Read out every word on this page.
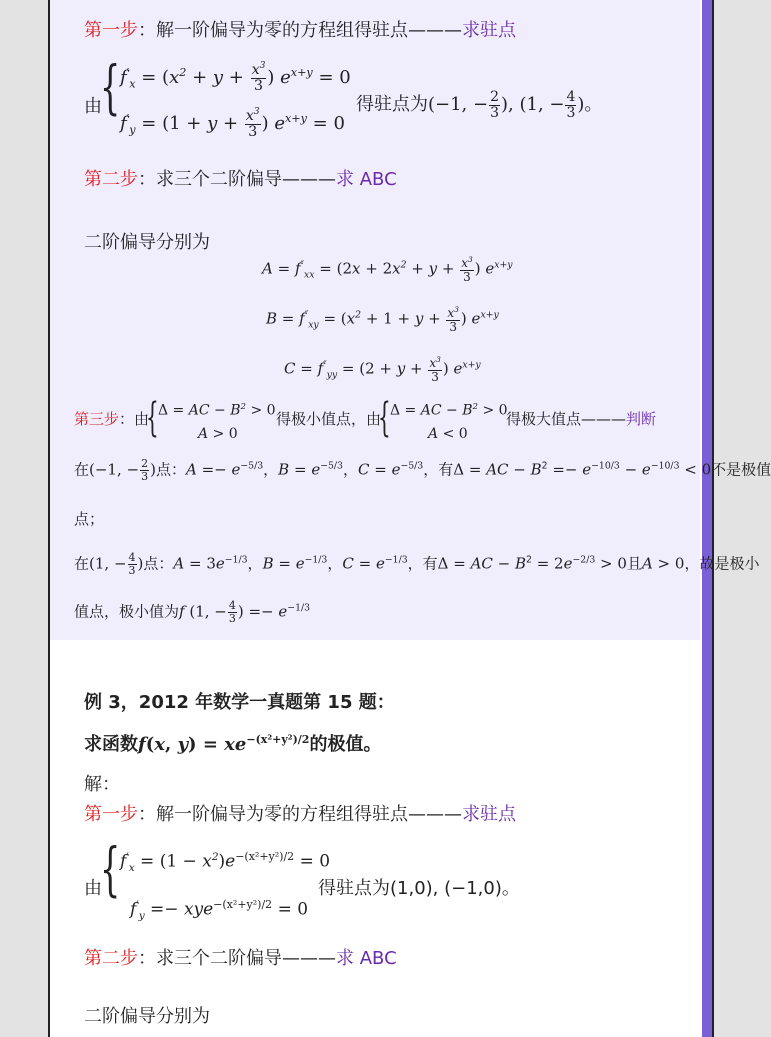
第一步：解一阶偏导为零的方程组得驻点———求驻点
由
{ $f'_x = (x^2 + y + \frac{x^3}{3}$ ) $e^{x+y} = 0$
$f'_y = (1 + y + \frac{x^3}{3}$ ) $e^{x+y} = 0$
得驻点为(−1, − $\frac{2}{3}$ ), (1, − $\frac{4}{3}$ )。
第二步：求三个二阶偏导———求 ABC
二阶偏导分别为
$A = f''_{xx} = (2x + 2x^2 + y + \frac{x^3}{3}$ ) $e^{x+y}$
$B = f''_{xy} = (x^2 + 1 + y + \frac{x^3}{3}$ ) $e^{x+y}$
$C = f''_{yy} = (2 + y + \frac{x^3}{3}$ ) $e^{x+y}$
第三步：由
{ Δ = AC − $B^2 > 0$
A > 0
得极小值点，由
{ Δ = AC − $B^2 > 0$
A < 0
得极大值点———判断
在(−1, − $\frac{2}{3}$ )点：$A =- e^{-5/3}$，$B = e^{-5/3}$，$C = e^{-5/3}$，有Δ = AC − $B^2 =- e^{-10/3} - e^{-10/3} < 0$不是极值
点；
在(1, − $\frac{4}{3}$ )点：$A = 3e^{-1/3}$，$B = e^{-1/3}$，$C = e^{-1/3}$，有Δ = AC − $B^2 = 2e^{-2/3} > 0$且A > 0，故是极小
值点，极小值为f (1, − $\frac{4}{3}$ ) =− $e^{-1/3}$
例 3，2012 年数学一真题第 15 题：
求函数f(x, $y) = xe^{-(x^2+y^2)/2}$的极值。
解：
第一步：解一阶偏导为零的方程组得驻点———求驻点
由
{ $f'_x = (1 - x^2)e^{-(x^2+y^2)/2} = 0$
$f'_y =- xye^{-(x^2+y^2)/2} = 0$
得驻点为(1,0), (−1,0)。
第二步：求三个二阶偏导———求 ABC
二阶偏导分别为
